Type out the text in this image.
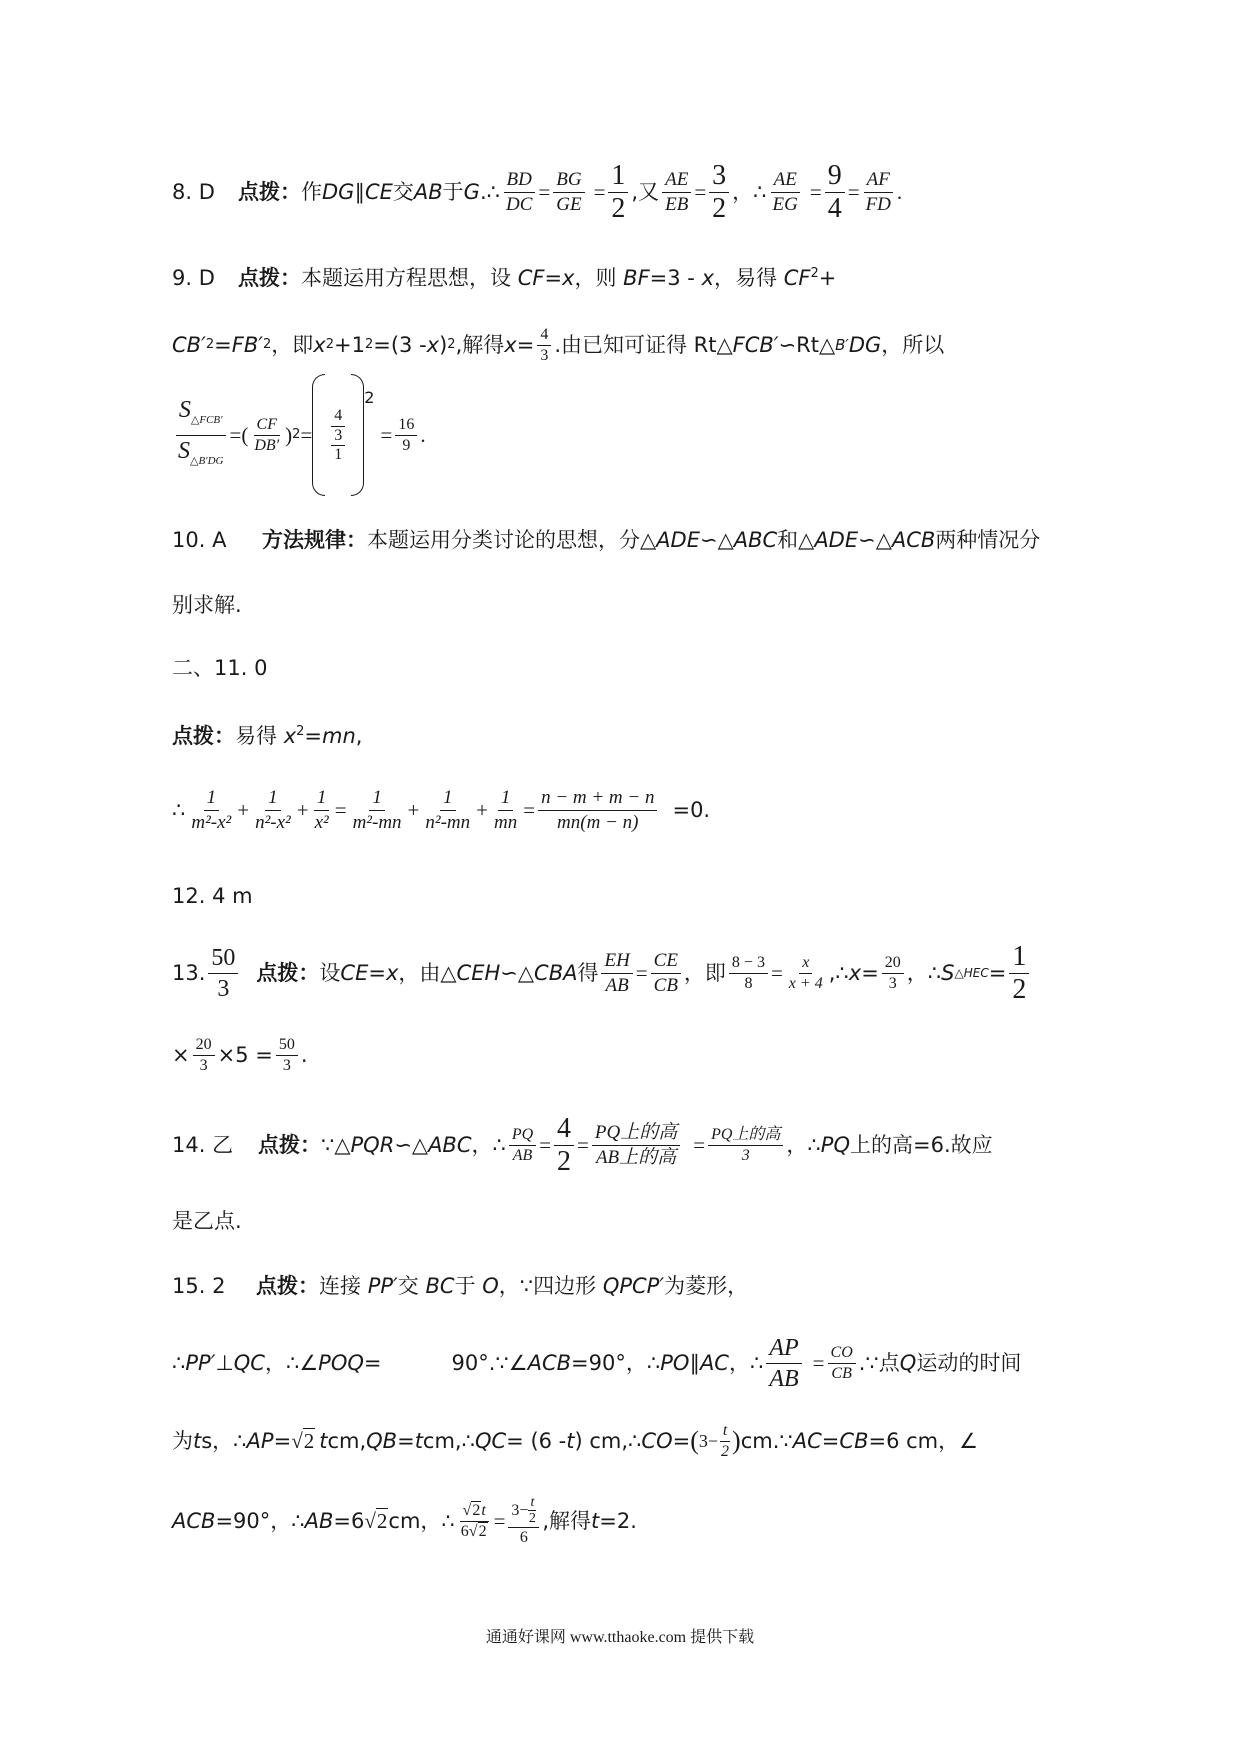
8. D	点拨： 作 DG ∥ CE 交 AB 于 G .∴ $\frac{BD}{DC} = \frac{BG}{GE} = \frac{1}{2}$ ,又 $\frac{AE}{EB} = \frac{3}{2}$ ，∴ $\frac{AE}{EG} = \frac{9}{4} = \frac{AF}{FD}$ .
9. D 点拨：本题运用方程思想，设 CF=x，则 BF=3 - x，易得 $CF^2+$
CB′ 2 = FB′ 2 ，即 x 2 +1 2 =(3 - x ) 2 ,解得 $x = \frac{4}{3}$ .由已知可证得 Rt△ FCB′ ∽Rt△ B′ DG ，所以
$\frac{S_{\triangle FCB'}}{S_{\triangle B'DG}}$ =( $\frac{CF}{DB'}$ ) 2 = 4
3
1
$^2$
= $\frac{16}{9}$ .
10. A 方法规律：本题运用分类讨论的思想，分△ADE∽△ABC和△ADE∽△ACB两种情况分
别求解.
二、11. 0
点拨：易得 $x^2=mn$,
∴ $\frac{1}{\text{m²-x²}} + \frac{1}{\text{n²-x²}} + \frac{1}{\text{x²}} = \frac{1}{\text{m²-mn}} + \frac{1}{\text{n²-mn}} + \frac{1}{mn} = \frac{n - m + m - n}{mn(m - n)} =0$.
12. 4 m
13. $\frac{50}{3}$ 点拨： 设 CE = x ，由△ CEH ∽△ CBA 得 $\frac{EH}{AB} = \frac{CE}{CB}$ ，即 $\frac{8 - 3}{8} = \frac{x}{x + 4}$ ,∴ $x = \frac{20}{3}$ ，∴ S △HEC = $\frac{1}{2}$
× $\frac{20}{3} \times 5 = \frac{50}{3}$ .
14. 乙	点拨： ∵△ PQR ∽△ ABC ，∴ $\frac{PQ}{AB} = \frac{4}{2} = \frac{\text{PQ上的高}}{\text{AB上的高}} = \frac{\text{PQ上的高}}{3}$ ，∴ PQ 上的高=6.故应
是乙点.
15. 2 点拨：连接 PP′交 BC于 O，∵四边形 QPCP′为菱形，
∴ PP′ ⊥ QC ，∴∠ POQ =	90°.∵∠ ACB =90°，∴ PO ∥ AC ，∴ $\frac{AP}{AB} = \frac{CO}{CB}$ .∵点 Q 运动的时间
为 t s，∴ AP = √2 t cm, QB = t cm,∴ QC = (6 - t ) cm,∴ CO = ( $3- \frac{t}{2}$ ) cm.∵ AC = CB =6 cm，∠
ACB =90°，∴ AB =6 √2 cm，∴ $\frac{√2t}{6√2} = \frac{3- \frac{t}{2}}{6}$ ,解得 t =2.
通通好课网 www.tthaoke.com 提供下载
